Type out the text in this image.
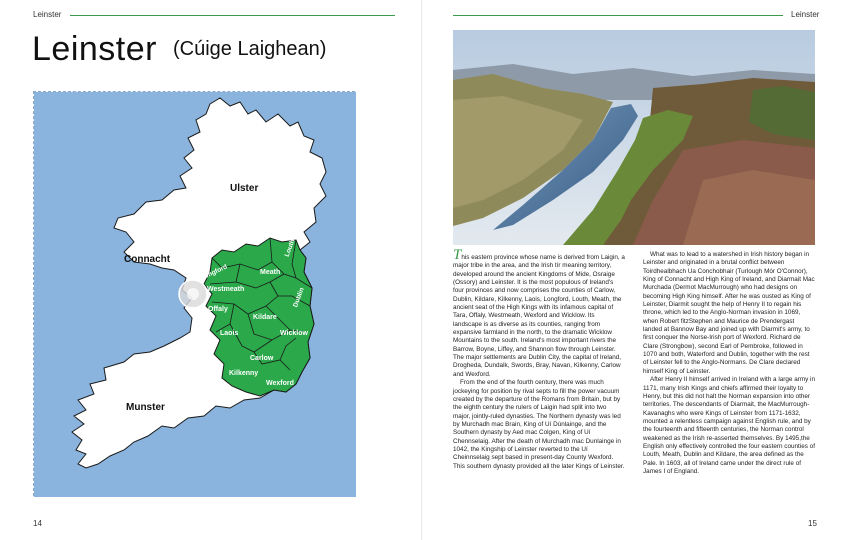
Leinster
Leinster (Cúige Laighean)
Ulster
Connacht
Munster
Louth
Meath
Longford
Westmeath	Dublin
Offaly
Kildare
Laois	Wicklow
Carlow
Kilkenny
Wexford
14
Leinster
15

This eastern province whose name is derived from Laigin, a major tribe in the area, and the Irish tír meaning territory, developed around the ancient Kingdoms of Mide, Osraige (Ossory) and Leinster. It is the most populous of Ireland's four provinces and now comprises the counties of Carlow, Dublin, Kildare, Kilkenny, Laois, Longford, Louth, Meath, the ancient seat of the High Kings with its infamous capital of Tara, Offaly, Westmeath, Wexford and Wicklow. Its landscape is as diverse as its counties, ranging from expansive farmland in the north, to the dramatic Wicklow Mountains to the south. Ireland's most important rivers the Barrow, Boyne, Liffey, and Shannon flow through Leinster. The major settlements are Dublin City, the capital of Ireland, Drogheda, Dundalk, Swords, Bray, Navan, Kilkenny, Carlow and Wexford.

From the end of the fourth century, there was much jockeying for position by rival septs to fill the power vacuum created by the departure of the Romans from Britain, but by the eighth century the rulers of Laigin had split into two major, jointly-ruled dynasties. The Northern dynasty was led by Murchadh mac Brain, King of Uí Dúnlainge, and the Southern dynasty by Aed mac Colgen, King of Uí Chennselaig. After the death of Murchadh mac Dunlainge in 1042, the Kingship of Leinster reverted to the Uí Cheinnselaig sept based in present-day County Wexford. This southern dynasty provided all the later Kings of Leinster.

What was to lead to a watershed in Irish history began in Leinster and originated in a brutal conflict between Toirdhealbhach Ua Conchobhair (Turlough Mór O'Connor), King of Connacht and High King of Ireland, and Diarmait Mac Murchada (Dermot MacMurrough) who had designs on becoming High King himself. After he was ousted as King of Leinster, Diarmit sought the help of Henry II to regain his throne, which led to the Anglo-Norman invasion in 1069, when Robert fitzStephen and Maurice de Prendergast landed at Bannow Bay and joined up with Diarmit's army, to first conquer the Norse-Irish port of Wexford. Richard de Clare (Strongbow), second Earl of Pembroke, followed in 1070 and both, Waterford and Dublin, together with the rest of Leinster fell to the Anglo-Normans. De Clare declared himself King of Leinster.

After Henry II himself arrived in Ireland with a large army in 1171, many Irish Kings and chiefs affirmed their loyalty to Henry, but this did not halt the Norman expansion into other territories. The descendants of Diarmait, the MacMurrough-Kavanaghs who were Kings of Leinster from 1171-1632, mounted a relentless campaign against English rule, and by the fourteenth and fifteenth centuries, the Norman control weakened as the Irish re-asserted themselves. By 1495,the English only effectively controlled the four eastern counties of Louth, Meath, Dublin and Kildare, the area defined as the Pale. In 1603, all of Ireland came under the direct rule of James I of England.
